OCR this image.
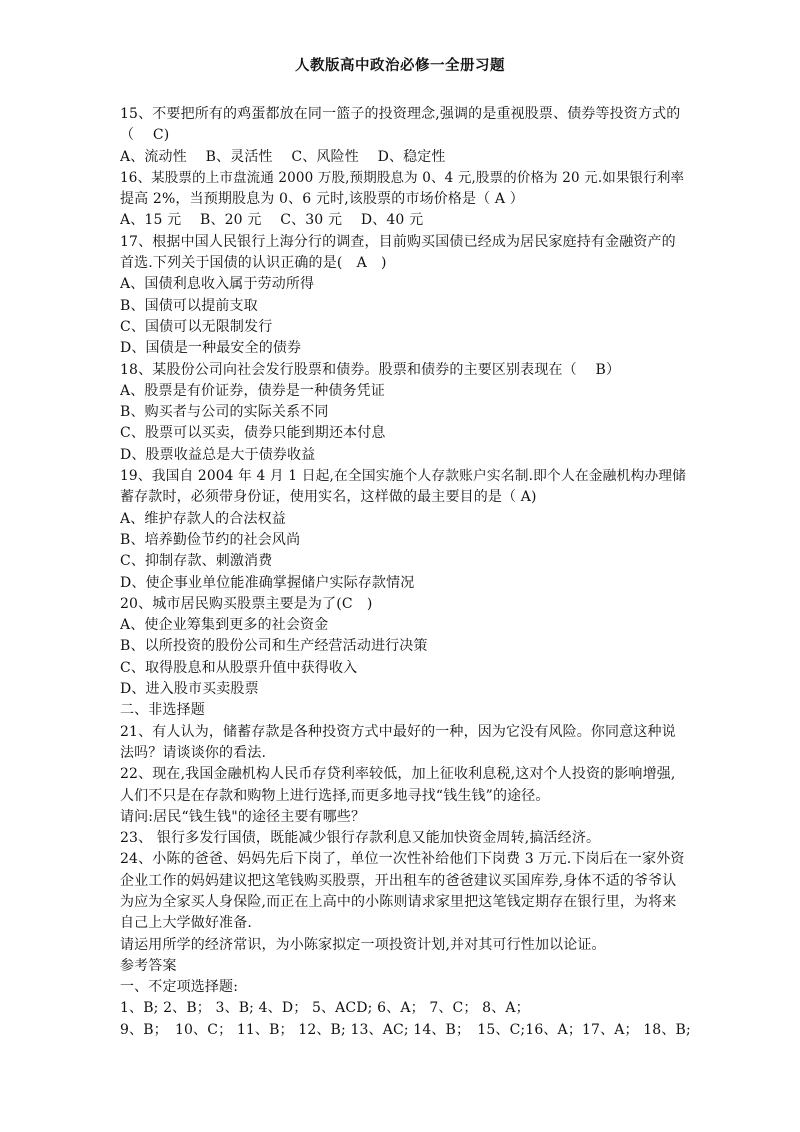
人教版高中政治必修一全册习题
15、不要把所有的鸡蛋都放在同一篮子的投资理念,强调的是重视股票、债券等投资方式的
（　 C)
A、流动性　 B、灵活性　 C、风险性　 D、稳定性
16、某股票的上市盘流通 2000 万股,预期股息为 0、4 元,股票的价格为 20 元.如果银行利率
提高 2%，当预期股息为 0、6 元时,该股票的市场价格是（ A ）
A、15 元　 B、20 元　 C、30 元　 D、40 元
17、根据中国人民银行上海分行的调查，目前购买国债已经成为居民家庭持有金融资产的
首选.下列关于国债的认识正确的是(　A　)
A、国债利息收入属于劳动所得
B、国债可以提前支取
C、国债可以无限制发行
D、国债是一种最安全的债券
18、某股份公司向社会发行股票和债券。股票和债券的主要区别表现在（　 B）
A、股票是有价证券，债券是一种债务凭证
B、购买者与公司的实际关系不同
C、股票可以买卖，债券只能到期还本付息
D、股票收益总是大于债券收益
19、我国自 2004 年 4 月 1 日起,在全国实施个人存款账户实名制.即个人在金融机构办理储
蓄存款时，必须带身份证，使用实名，这样做的最主要目的是（ A)
A、维护存款人的合法权益
B、培养勤俭节约的社会风尚
C、抑制存款、刺激消费
D、使企事业单位能准确掌握储户实际存款情况
20、城市居民购买股票主要是为了(C　)
A、使企业筹集到更多的社会资金
B、以所投资的股份公司和生产经营活动进行决策
C、取得股息和从股票升值中获得收入
D、进入股市买卖股票
二、非选择题
21、有人认为，储蓄存款是各种投资方式中最好的一种，因为它没有风险。你同意这种说
法吗？请谈谈你的看法.
22、现在,我国金融机构人民币存贷利率较低，加上征收利息税,这对个人投资的影响增强,
人们不只是在存款和购物上进行选择,而更多地寻找“钱生钱”的途径。
请问:居民“钱生钱"的途径主要有哪些？
23、 银行多发行国债，既能减少银行存款利息又能加快资金周转,搞活经济。
24、小陈的爸爸、妈妈先后下岗了，单位一次性补给他们下岗费 3 万元.下岗后在一家外资
企业工作的妈妈建议把这笔钱购买股票，开出租车的爸爸建议买国库券,身体不适的爷爷认
为应为全家买人身保险,而正在上高中的小陈则请求家里把这笔钱定期存在银行里，为将来
自己上大学做好准备.
请运用所学的经济常识，为小陈家拟定一项投资计划,并对其可行性加以论证。
参考答案
一、不定项选择题:
1、B; 2、B； 3、B; 4、D； 5、ACD; 6、A； 7、C； 8、A；
9、B；　10、C； 11、B； 12、B; 13、AC; 14、B；　15、C;16、A；17、A； 18、B;
